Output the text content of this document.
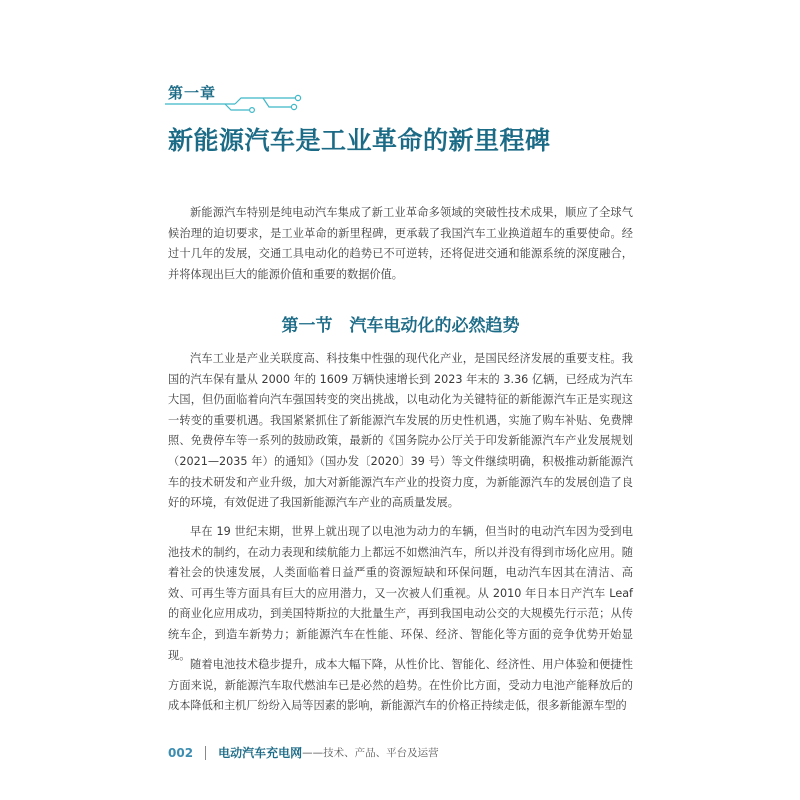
第一章
新能源汽车是工业革命的新里程碑

新能源汽车特别是纯电动汽车集成了新工业革命多领域的突破性技术成果，顺应了全球气候治理的迫切要求，是工业革命的新里程碑，更承载了我国汽车工业换道超车的重要使命。经过十几年的发展，交通工具电动化的趋势已不可逆转，还将促进交通和能源系统的深度融合，并将体现出巨大的能源价值和重要的数据价值。

第一节　汽车电动化的必然趋势

汽车工业是产业关联度高、科技集中性强的现代化产业，是国民经济发展的重要支柱。我国的汽车保有量从 2000 年的 1609 万辆快速增长到 2023 年末的 3.36 亿辆，已经成为汽车大国，但仍面临着向汽车强国转变的突出挑战，以电动化为关键特征的新能源汽车正是实现这一转变的重要机遇。我国紧紧抓住了新能源汽车发展的历史性机遇，实施了购车补贴、免费牌照、免费停车等一系列的鼓励政策，最新的《国务院办公厅关于印发新能源汽车产业发展规划（2021—2035 年）的通知》（国办发〔2020〕39 号）等文件继续明确，积极推动新能源汽车的技术研发和产业升级，加大对新能源汽车产业的投资力度，为新能源汽车的发展创造了良好的环境，有效促进了我国新能源汽车产业的高质量发展。

早在 19 世纪末期，世界上就出现了以电池为动力的车辆，但当时的电动汽车因为受到电池技术的制约，在动力表现和续航能力上都远不如燃油汽车，所以并没有得到市场化应用。随着社会的快速发展，人类面临着日益严重的资源短缺和环保问题，电动汽车因其在清洁、高效、可再生等方面具有巨大的应用潜力，又一次被人们重视。从 2010 年日本日产汽车 Leaf 的商业化应用成功，到美国特斯拉的大批量生产，再到我国电动公交的大规模先行示范；从传统车企，到造车新势力；新能源汽车在性能、环保、经济、智能化等方面的竞争优势开始显现。

随着电池技术稳步提升，成本大幅下降，从性价比、智能化、经济性、用户体验和便捷性方面来说，新能源汽车取代燃油车已是必然的趋势。在性价比方面，受动力电池产能释放后的成本降低和主机厂纷纷入局等因素的影响，新能源汽车的价格正持续走低，很多新能源车型的

002 电动汽车充电网 ——技术、产品、平台及运营
